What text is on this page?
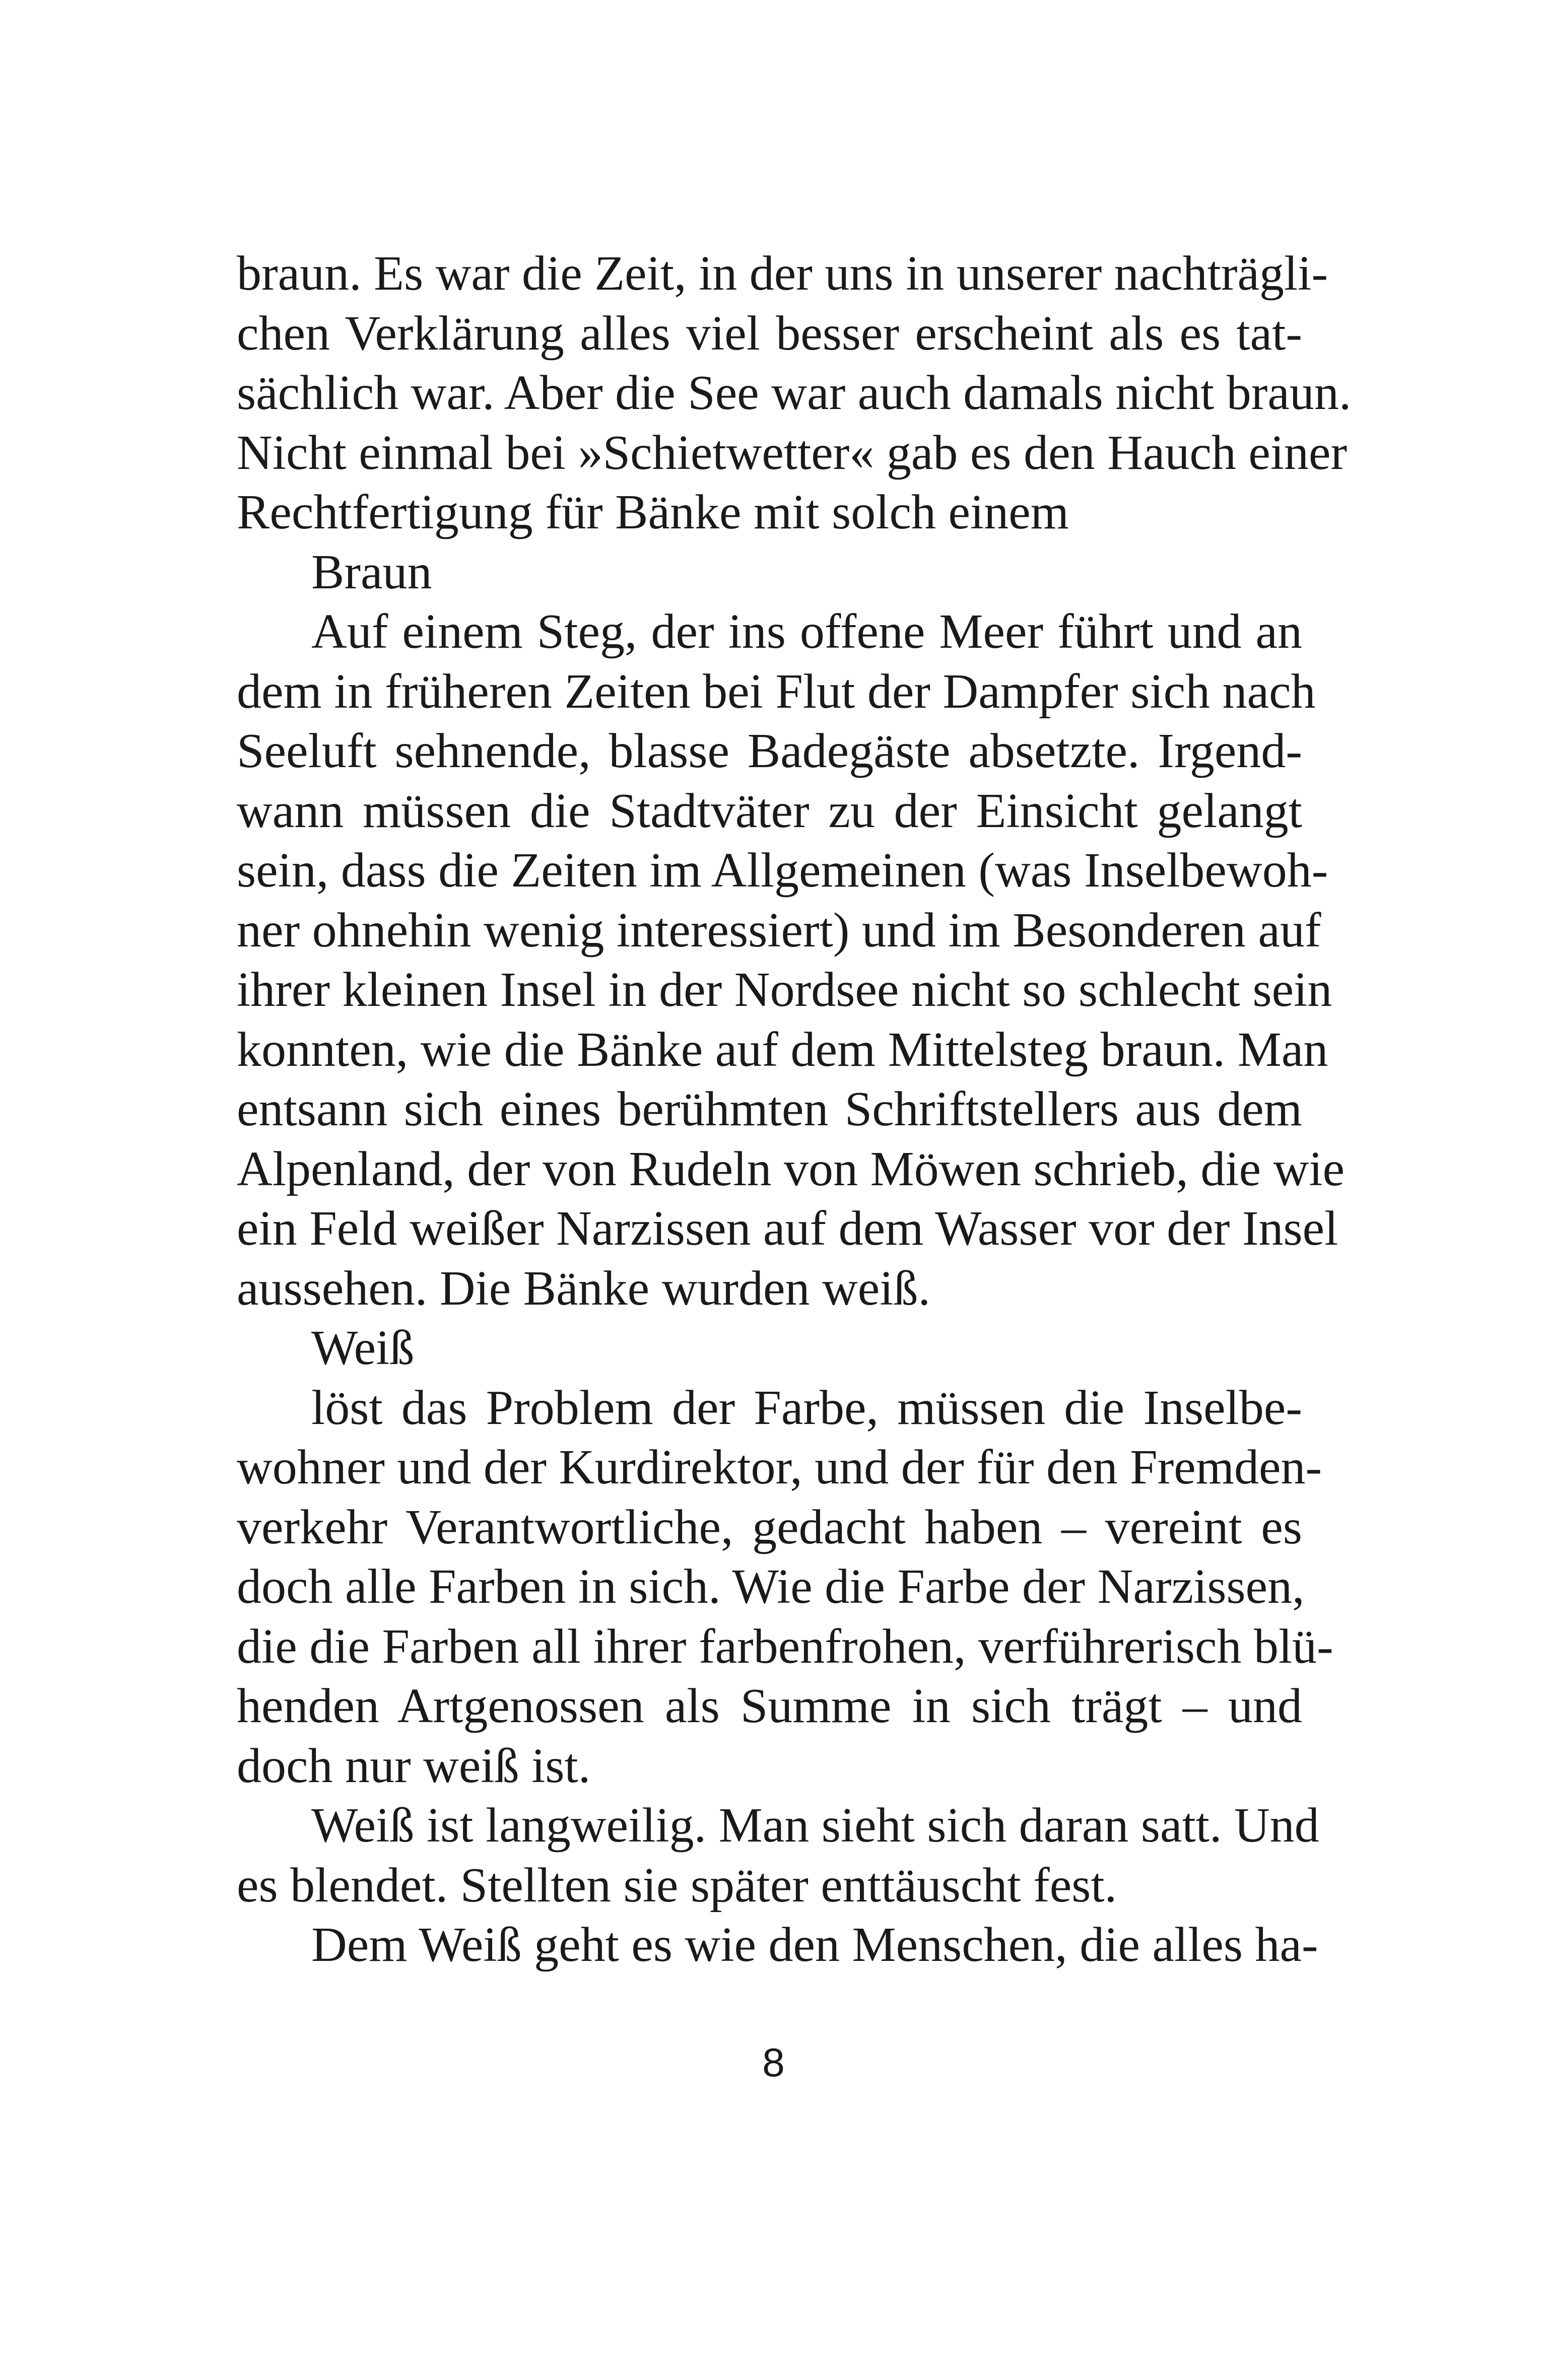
braun. Es war die Zeit, in der uns in unserer nachträgli-
chen Verklärung alles viel besser erscheint als es tat-
sächlich war. Aber die See war auch damals nicht braun.
Nicht einmal bei »Schietwetter« gab es den Hauch einer
Rechtfertigung für Bänke mit solch einem
Braun
Auf einem Steg, der ins offene Meer führt und an
dem in früheren Zeiten bei Flut der Dampfer sich nach
Seeluft sehnende, blasse Badegäste absetzte. Irgend-
wann müssen die Stadtväter zu der Einsicht gelangt
sein, dass die Zeiten im Allgemeinen (was Inselbewoh-
ner ohnehin wenig interessiert) und im Besonderen auf
ihrer kleinen Insel in der Nordsee nicht so schlecht sein
konnten, wie die Bänke auf dem Mittelsteg braun. Man
entsann sich eines berühmten Schriftstellers aus dem
Alpenland, der von Rudeln von Möwen schrieb, die wie
ein Feld weißer Narzissen auf dem Wasser vor der Insel
aussehen. Die Bänke wurden weiß.
Weiß
löst das Problem der Farbe, müssen die Inselbe-
wohner und der Kurdirektor, und der für den Fremden-
verkehr Verantwortliche, gedacht haben – vereint es
doch alle Farben in sich. Wie die Farbe der Narzissen,
die die Farben all ihrer farbenfrohen, verführerisch blü-
henden Artgenossen als Summe in sich trägt – und
doch nur weiß ist.
Weiß ist langweilig. Man sieht sich daran satt. Und
es blendet. Stellten sie später enttäuscht fest.
Dem Weiß geht es wie den Menschen, die alles ha-
8
